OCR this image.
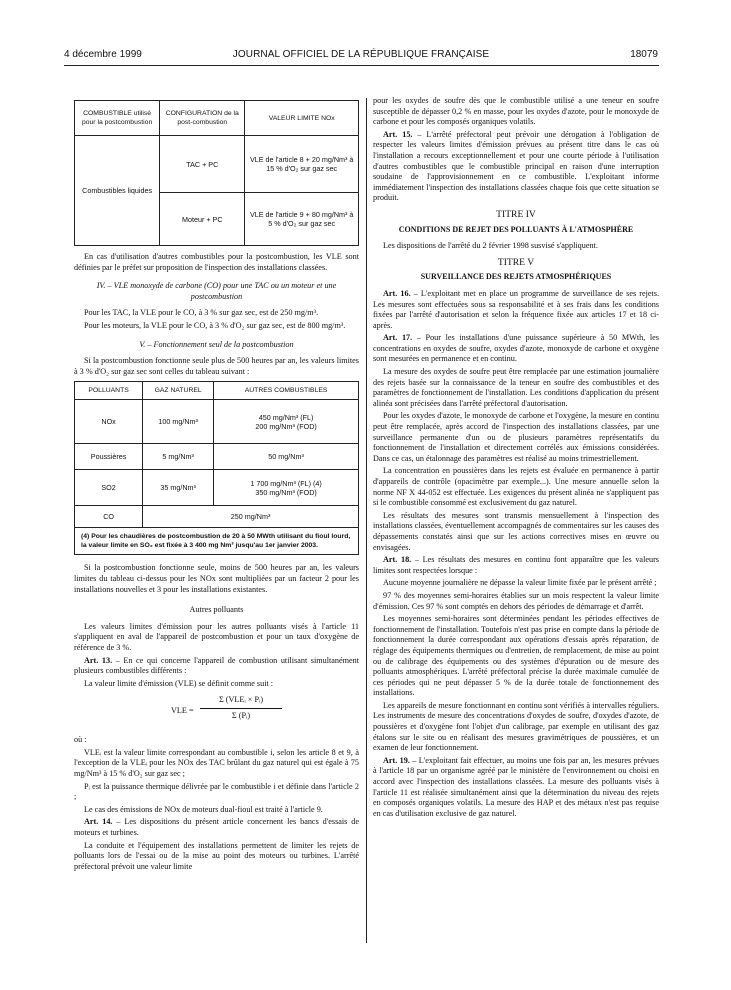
4 décembre 1999	JOURNAL OFFICIEL DE LA RÉPUBLIQUE FRANÇAISE	18079
COMBUSTIBLE utilisé pour la postcombustion	CONFIGURATION de la post-combustion	VALEUR LIMITE NOx
Combustibles liquides	TAC + PC	VLE de l'article 8 + 20 mg/Nm³ à 15 % d'O₂ sur gaz sec
	Moteur + PC	VLE de l'article 9 + 80 mg/Nm³ à 5 % d'O₂ sur gaz sec

En cas d'utilisation d'autres combustibles pour la postcombustion, les VLE sont définies par le préfet sur proposition de l'inspection des installations classées.

IV. – VLE monoxyde de carbone (CO) pour une TAC ou un moteur et une postcombustion

Pour les TAC, la VLE pour le CO, à 3 % sur gaz sec, est de 250 mg/m³.

Pour les moteurs, la VLE pour le CO, à 3 % d'O₂ sur gaz sec, est de 800 mg/m³.

V. – Fonctionnement seul de la postcombustion

Si la postcombustion fonctionne seule plus de 500 heures par an, les valeurs limites à 3 % d'O₂ sur gaz sec sont celles du tableau suivant :

POLLUANTS	GAZ NATUREL	AUTRES COMBUSTIBLES
NOx	100 mg/Nm³	450 mg/Nm³ (FL)
200 mg/Nm³ (FOD)
Poussières	5 mg/Nm³	50 mg/Nm³
SO2	35 mg/Nm³	1 700 mg/Nm³ (FL) (4)
350 mg/Nm³ (FOD)
CO	250 mg/Nm³	
(4) Pour les chaudières de postcombustion de 20 à 50 MWth utilisant du fioul lourd, la valeur limite en SO₂ est fixée à 3 400 mg Nm³ jusqu'au 1er janvier 2003.		

Si la postcombustion fonctionne seule, moins de 500 heures par an, les valeurs limites du tableau ci-dessus pour les NOx sont multipliées par un facteur 2 pour les installations nouvelles et 3 pour les installations existantes.

Autres polluants

Les valeurs limites d'émission pour les autres polluants visés à l'article 11 s'appliquent en aval de l'appareil de postcombustion et pour un taux d'oxygène de référence de 3 %.

Art. 13. – En ce qui concerne l'appareil de combustion utilisant simultanément plusieurs combustibles différents :

La valeur limite d'émission (VLE) se définit comme suit :

VLE =
Σ (VLEᵢ × Pᵢ)
Σ (Pᵢ)

où :

VLEᵢ est la valeur limite correspondant au combustible i, selon les article 8 et 9, à l'exception de la VLEᵢ pour les NOx des TAC brûlant du gaz naturel qui est égale à 75 mg/Nm³ à 15 % d'O₂ sur gaz sec ;

Pᵢ est la puissance thermique délivrée par le combustible i et définie dans l'article 2 ;

Le cas des émissions de NOx de moteurs dual-fioul est traité à l'article 9.

Art. 14. – Les dispositions du présent article concernent les bancs d'essais de moteurs et turbines.

La conduite et l'équipement des installations permettent de limiter les rejets de polluants lors de l'essai ou de la mise au point des moteurs ou turbines. L'arrêté préfectoral prévoit une valeur limite

pour les oxydes de soufre dès que le combustible utilisé a une teneur en soufre susceptible de dépasser 0,2 % en masse, pour les oxydes d'azote, pour le monoxyde de carbone et pour les composés organiques volatils.

Art. 15. – L'arrêté préfectoral peut prévoir une dérogation à l'obligation de respecter les valeurs limites d'émission prévues au présent titre dans le cas où l'installation a recours exceptionnellement et pour une courte période à l'utilisation d'autres combustibles que le combustible principal en raison d'une interruption soudaine de l'approvisionnement en ce combustible. L'exploitant informe immédiatement l'inspection des installations classées chaque fois que cette situation se produit.

TITRE IV

CONDITIONS DE REJET DES POLLUANTS À L'ATMOSPHÈRE

Les dispositions de l'arrêté du 2 février 1998 susvisé s'appliquent.

TITRE V

SURVEILLANCE DES REJETS ATMOSPHÉRIQUES

Art. 16. – L'exploitant met en place un programme de surveillance de ses rejets. Les mesures sont effectuées sous sa responsabilité et à ses frais dans les conditions fixées par l'arrêté d'autorisation et selon la fréquence fixée aux articles 17 et 18 ci-après.

Art. 17. – Pour les installations d'une puissance supérieure à 50 MWth, les concentrations en oxydes de soufre, oxydes d'azote, monoxyde de carbone et oxygène sont mesurées en permanence et en continu.

La mesure des oxydes de soufre peut être remplacée par une estimation journalière des rejets basée sur la connaissance de la teneur en soufre des combustibles et des paramètres de fonctionnement de l'installation. Les conditions d'application du présent alinéa sont précisées dans l'arrêté préfectoral d'autorisation.

Pour les oxydes d'azote, le monoxyde de carbone et l'oxygène, la mesure en continu peut être remplacée, après accord de l'inspection des installations classées, par une surveillance permanente d'un ou de plusieurs paramètres représentatifs du fonctionnement de l'installation et directement corrélés aux émissions considérées. Dans ce cas, un étalonnage des paramètres est réalisé au moins trimestriellement.

La concentration en poussières dans les rejets est évaluée en permanence à partir d'appareils de contrôle (opacimètre par exemple...). Une mesure annuelle selon la norme NF X 44-052 est effectuée. Les exigences du présent alinéa ne s'appliquent pas si le combustible consommé est exclusivement du gaz naturel.

Les résultats des mesures sont transmis mensuellement à l'inspection des installations classées, éventuellement accompagnés de commentaires sur les causes des dépassements constatés ainsi que sur les actions correctives mises en œuvre ou envisagées.

Art. 18. – Les résultats des mesures en continu font apparaître que les valeurs limites sont respectées lorsque :

Aucune moyenne journalière ne dépasse la valeur limite fixée par le présent arrêté ;

97 % des moyennes semi-horaires établies sur un mois respectent la valeur limite d'émission. Ces 97 % sont comptés en dehors des périodes de démarrage et d'arrêt.

Les moyennes semi-horaires sont déterminées pendant les périodes effectives de fonctionnement de l'installation. Toutefois n'est pas prise en compte dans la période de fonctionnement la durée correspondant aux opérations d'essais après réparation, de réglage des équipements thermiques ou d'entretien, de remplacement, de mise au point ou de calibrage des équipements ou des systèmes d'épuration ou de mesure des polluants atmosphériques. L'arrêté préfectoral précise la durée maximale cumulée de ces périodes qui ne peut dépasser 5 % de la durée totale de fonctionnement des installations.

Les appareils de mesure fonctionnant en continu sont vérifiés à intervalles réguliers. Les instruments de mesure des concentrations d'oxydes de soufre, d'oxydes d'azote, de poussières et d'oxygène font l'objet d'un calibrage, par exemple en utilisant des gaz étalons sur le site ou en réalisant des mesures gravimétriques de poussières, et un examen de leur fonctionnement.

Art. 19. – L'exploitant fait effectuer, au moins une fois par an, les mesures prévues à l'article 18 par un organisme agréé par le ministère de l'environnement ou choisi en accord avec l'inspection des installations classées. La mesure des polluants visés à l'article 11 est réalisée simultanément ainsi que la détermination du niveau des rejets en composés organiques volatils. La mesure des HAP et des métaux n'est pas requise en cas d'utilisation exclusive de gaz naturel.
